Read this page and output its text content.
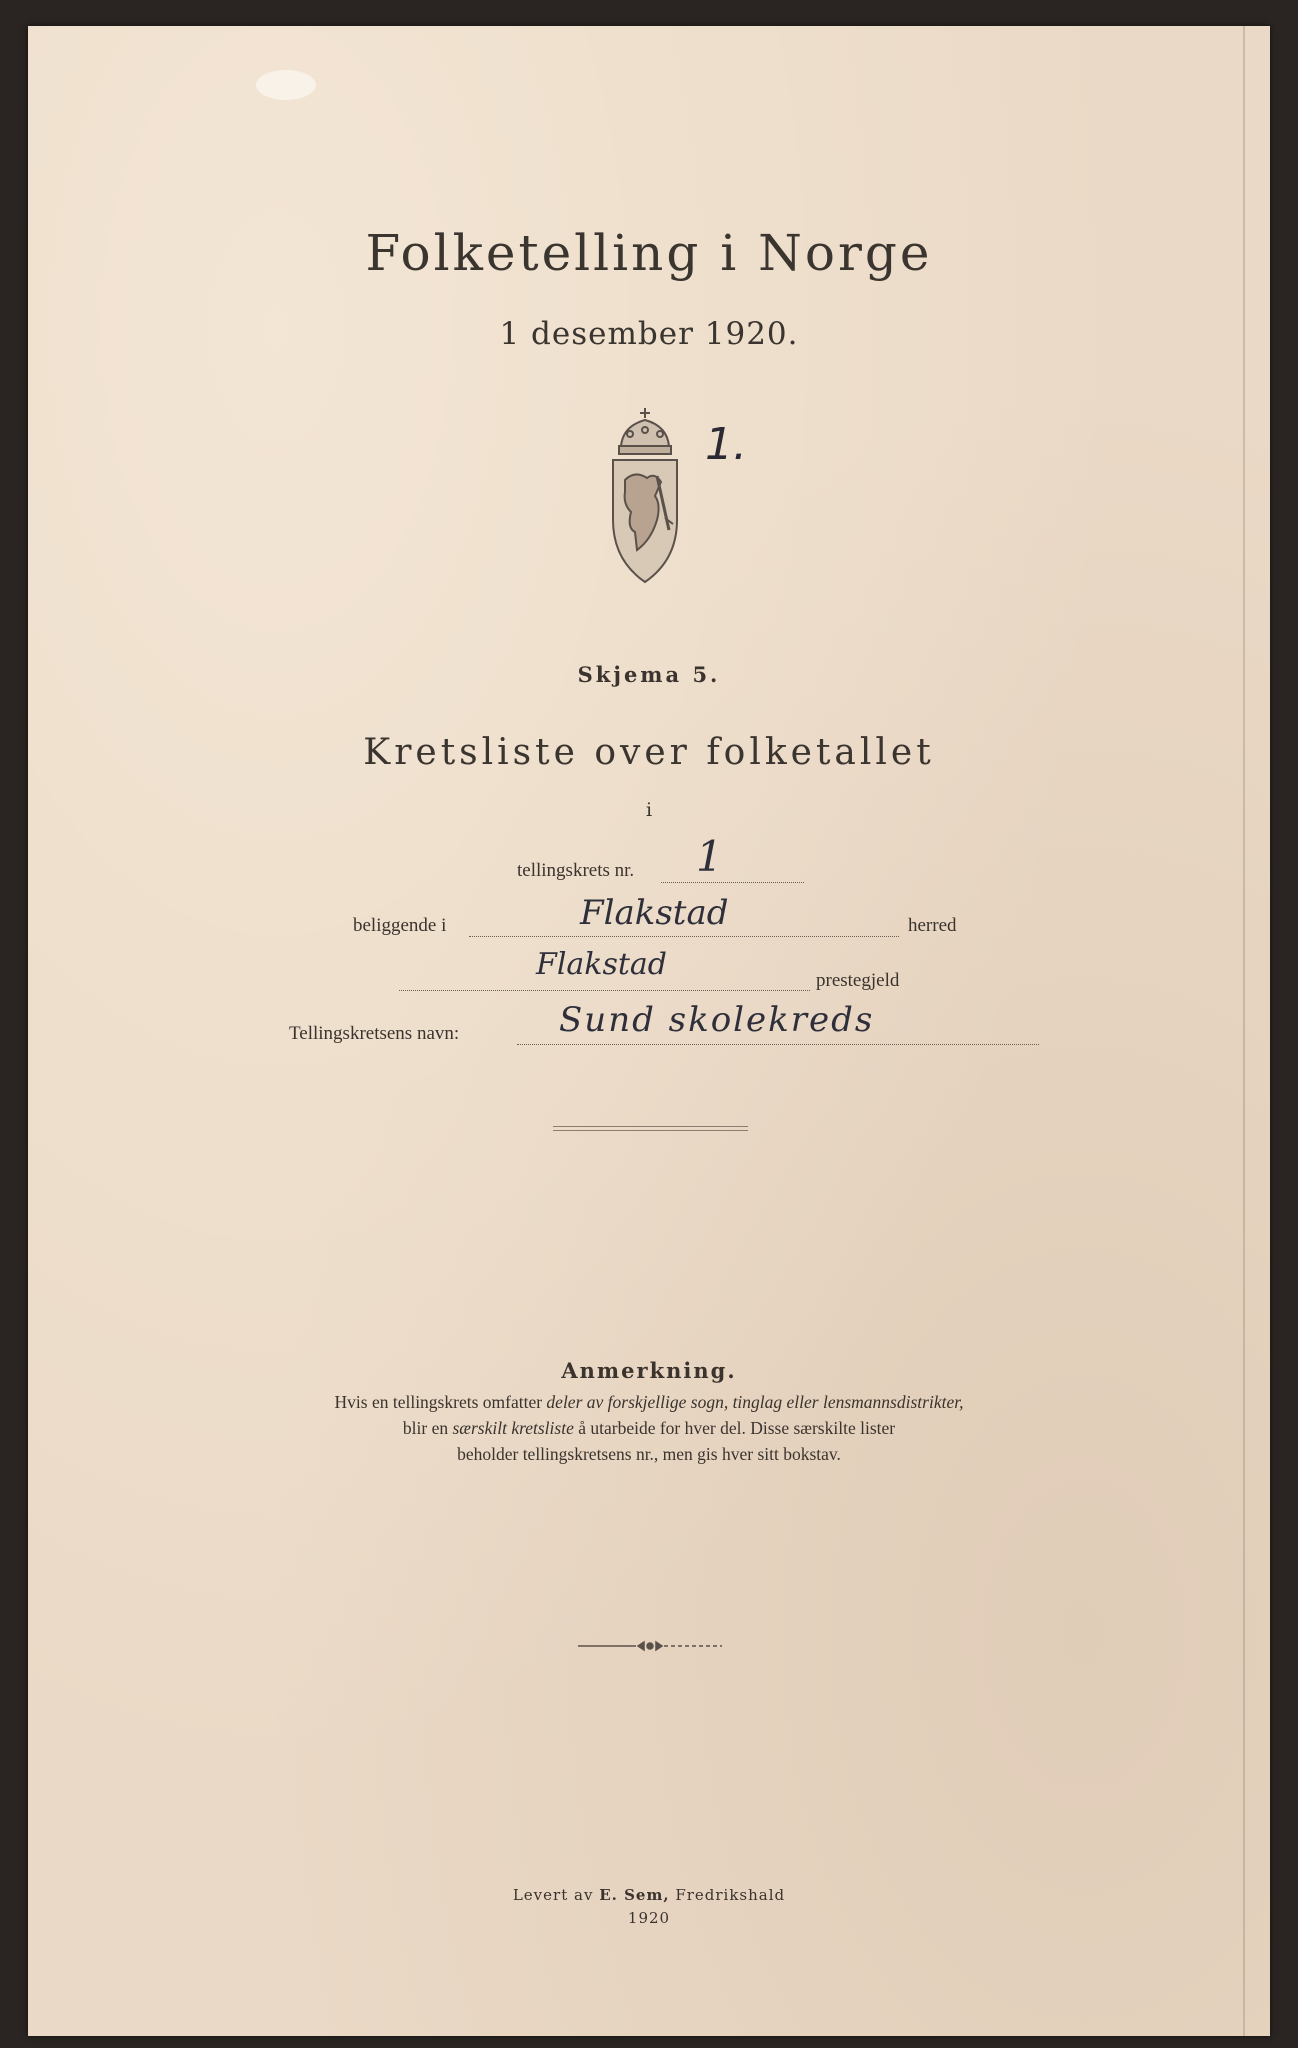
Folketelling i Norge
1 desember 1920.
1.
Skjema 5.
Kretsliste over folketallet
i
tellingskrets nr. 1
beliggende i	Flakstad	herred
Flakstad	prestegjeld
Tellingskretsens navn:	Sund skolekreds
Anmerkning.
Hvis en tellingskrets omfatter deler av forskjellige sogn, tinglag eller lensmannsdistrikter,
blir en særskilt kretsliste å utarbeide for hver del. Disse særskilte lister
beholder tellingskretsens nr., men gis hver sitt bokstav.
Levert av E. Sem, Fredrikshald
1920
